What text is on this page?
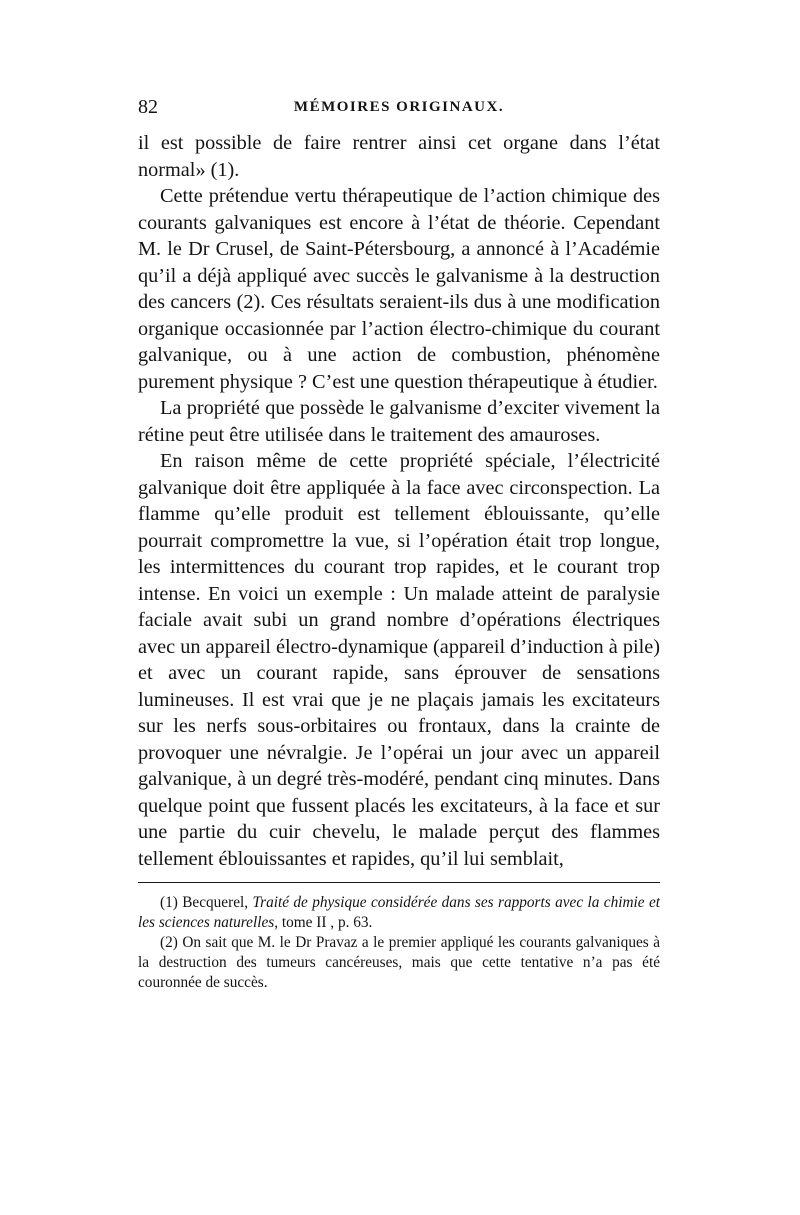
82	MÉMOIRES ORIGINAUX.

il est possible de faire rentrer ainsi cet organe dans l’état normal» (1).

Cette prétendue vertu thérapeutique de l’action chimique des courants galvaniques est encore à l’état de théorie. Cependant M. le Dr Crusel, de Saint-Pétersbourg, a annoncé à l’Académie qu’il a déjà appliqué avec succès le galvanisme à la destruction des cancers (2). Ces résultats seraient-ils dus à une modification organique occasionnée par l’action électro-chimique du courant galvanique, ou à une action de combustion, phénomène purement physique ? C’est une question thérapeutique à étudier.

La propriété que possède le galvanisme d’exciter vivement la rétine peut être utilisée dans le traitement des amauroses.

En raison même de cette propriété spéciale, l’électricité galvanique doit être appliquée à la face avec circonspection. La flamme qu’elle produit est tellement éblouissante, qu’elle pourrait compromettre la vue, si l’opération était trop longue, les intermittences du courant trop rapides, et le courant trop intense. En voici un exemple : Un malade atteint de paralysie faciale avait subi un grand nombre d’opérations électriques avec un appareil électro-dynamique (appareil d’induction à pile) et avec un courant rapide, sans éprouver de sensations lumineuses. Il est vrai que je ne plaçais jamais les excitateurs sur les nerfs sous-orbitaires ou frontaux, dans la crainte de provoquer une névralgie. Je l’opérai un jour avec un appareil galvanique, à un degré très-modéré, pendant cinq minutes. Dans quelque point que fussent placés les excitateurs, à la face et sur une partie du cuir chevelu, le malade perçut des flammes tellement éblouissantes et rapides, qu’il lui semblait,

(1) Becquerel, Traité de physique considérée dans ses rapports avec la chimie et les sciences naturelles, tome II , p. 63.

(2) On sait que M. le Dr Pravaz a le premier appliqué les courants galvaniques à la destruction des tumeurs cancéreuses, mais que cette tentative n’a pas été couronnée de succès.
